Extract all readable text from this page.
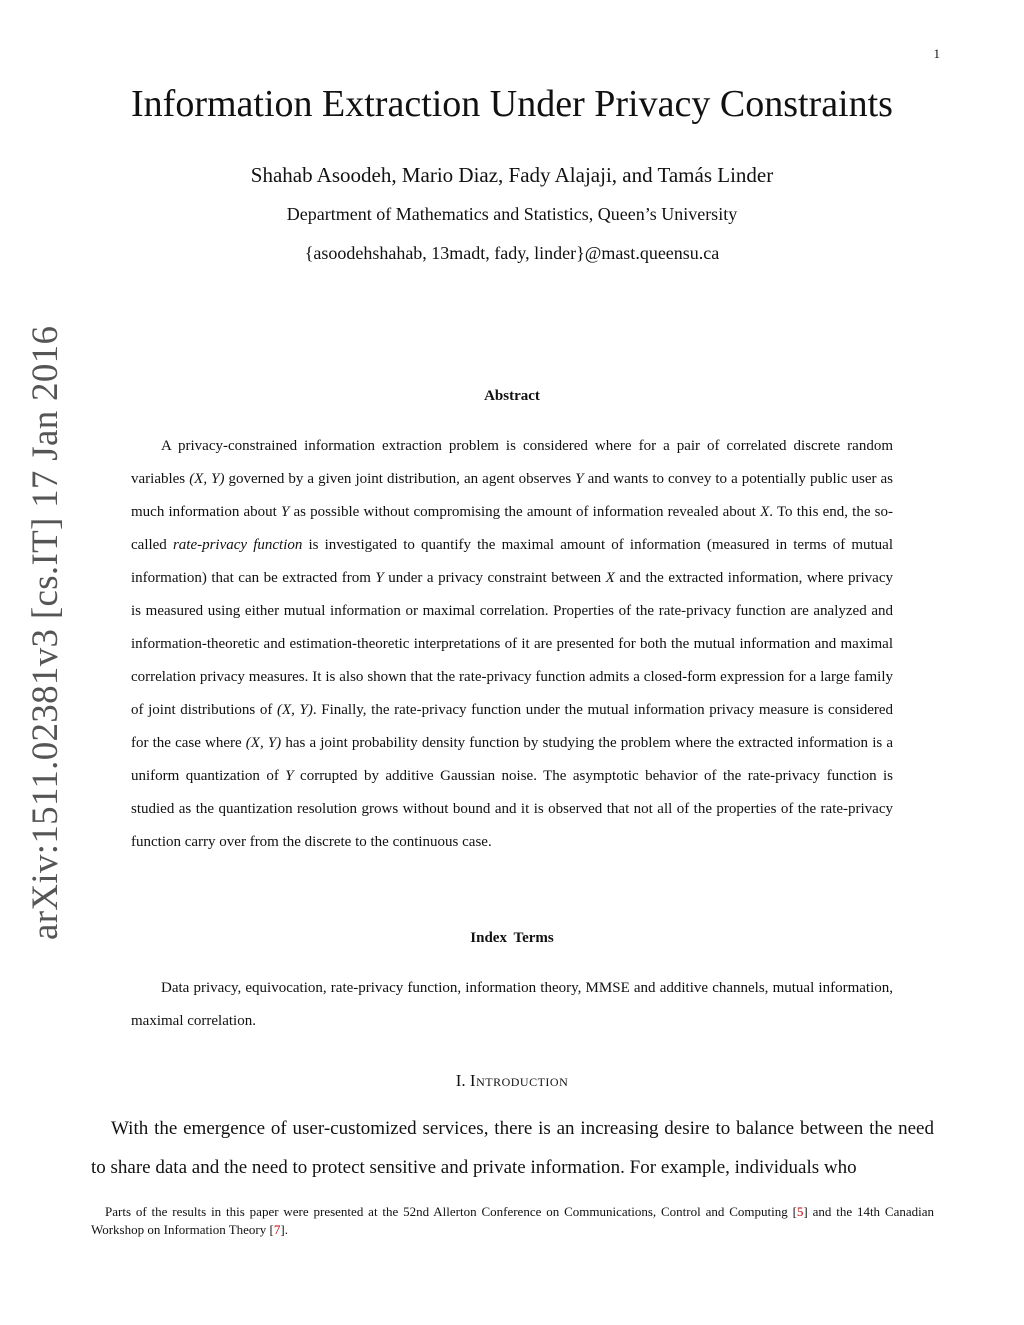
1
arXiv:1511.02381v3 [cs.IT] 17 Jan 2016
Information Extraction Under Privacy Constraints
Shahab Asoodeh, Mario Diaz, Fady Alajaji, and Tamás Linder
Department of Mathematics and Statistics, Queen’s University
{asoodehshahab, 13madt, fady, linder}@mast.queensu.ca
Abstract

A privacy-constrained information extraction problem is considered where for a pair of correlated discrete random variables (X, Y) governed by a given joint distribution, an agent observes Y and wants to convey to a potentially public user as much information about Y as possible without compromising the amount of information revealed about X. To this end, the so-called rate-privacy function is investigated to quantify the maximal amount of information (measured in terms of mutual information) that can be extracted from Y under a privacy constraint between X and the extracted information, where privacy is measured using either mutual information or maximal correlation. Properties of the rate-privacy function are analyzed and information-theoretic and estimation-theoretic interpretations of it are presented for both the mutual information and maximal correlation privacy measures. It is also shown that the rate-privacy function admits a closed-form expression for a large family of joint distributions of (X, Y). Finally, the rate-privacy function under the mutual information privacy measure is considered for the case where (X, Y) has a joint probability density function by studying the problem where the extracted information is a uniform quantization of Y corrupted by additive Gaussian noise. The asymptotic behavior of the rate-privacy function is studied as the quantization resolution grows without bound and it is observed that not all of the properties of the rate-privacy function carry over from the discrete to the continuous case.

Index Terms

Data privacy, equivocation, rate-privacy function, information theory, MMSE and additive channels, mutual information, maximal correlation.

I. Introduction

With the emergence of user-customized services, there is an increasing desire to balance between the need to share data and the need to protect sensitive and private information. For example, individuals who

Parts of the results in this paper were presented at the 52nd Allerton Conference on Communications, Control and Computing [5] and the 14th Canadian Workshop on Information Theory [7].
